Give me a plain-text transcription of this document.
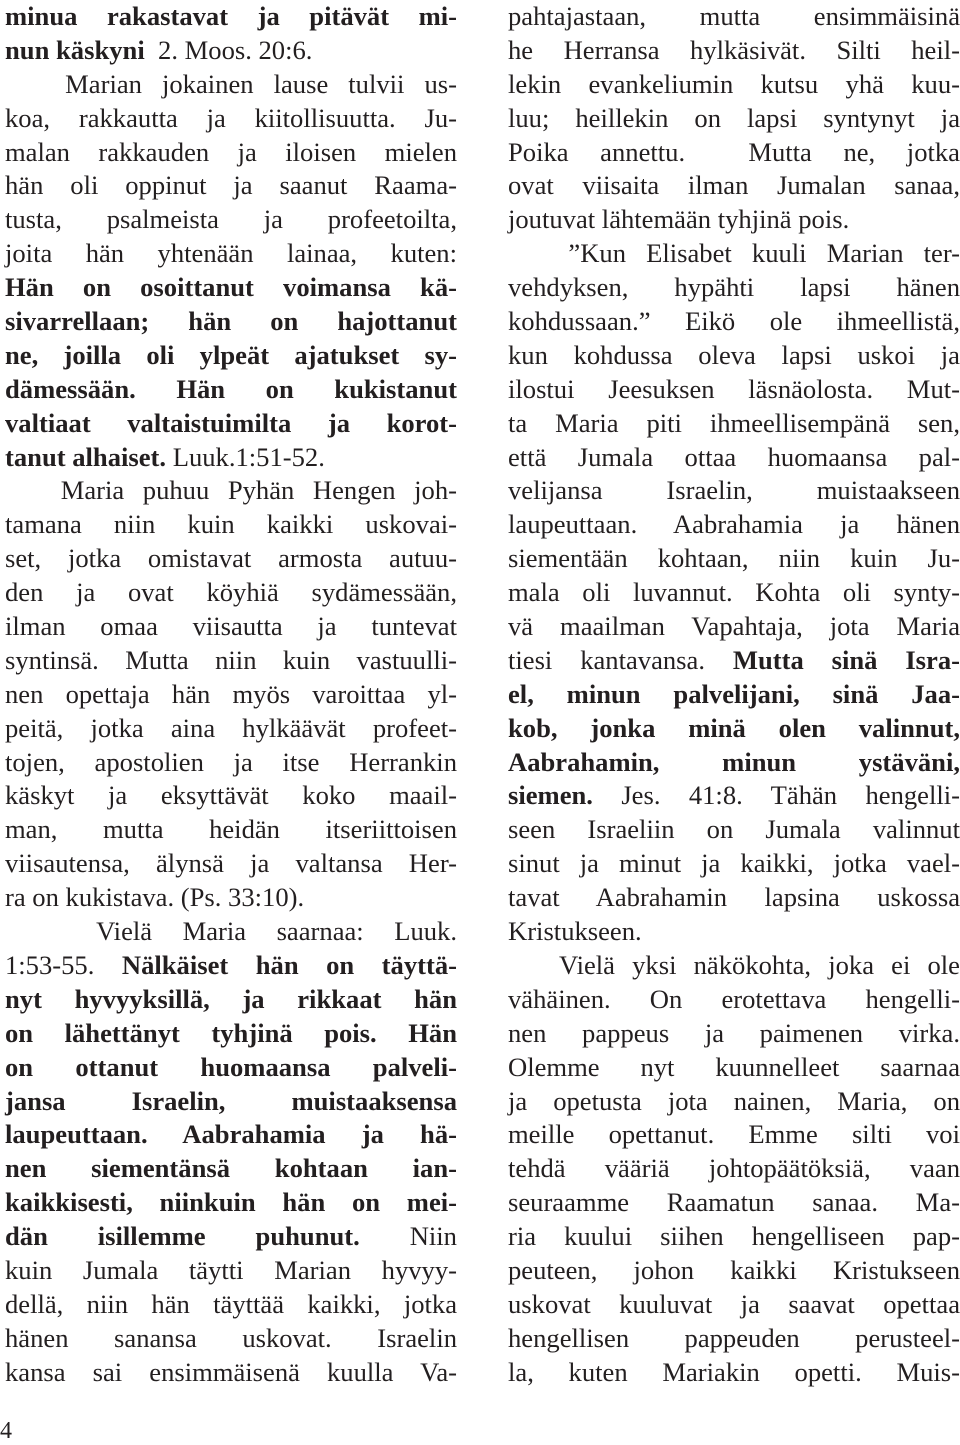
minua rakastavat ja pitävät mi-
nun käskyni  2. Moos. 20:6.
Marian jokainen lause tulvii us-
koa, rakkautta ja kiitollisuutta. Ju-
malan rakkauden ja iloisen mielen
hän oli oppinut ja saanut Raama-
tusta, psalmeista ja profeetoilta,
joita hän yhtenään lainaa, kuten:
Hän on osoittanut voimansa kä-
sivarrellaan; hän on hajottanut
ne, joilla oli ylpeät ajatukset sy-
dämessään. Hän on kukistanut
valtiaat valtaistuimilta ja korot-
tanut alhaiset. Luuk.1:51-52.
Maria puhuu Pyhän Hengen joh-
tamana niin kuin kaikki uskovai-
set, jotka omistavat armosta autuu-
den ja ovat köyhiä sydämessään,
ilman omaa viisautta ja tuntevat
syntinsä. Mutta niin kuin vastuulli-
nen opettaja hän myös varoittaa yl-
peitä, jotka aina hylkäävät profeet-
tojen, apostolien ja itse Herrankin
käskyt ja eksyttävät koko maail-
man, mutta heidän itseriittoisen
viisautensa, älynsä ja valtansa Her-
ra on kukistava. (Ps. 33:10).
Vielä Maria saarnaa: Luuk.
1:53-55. Nälkäiset hän on täyttä-
nyt hyvyyksillä, ja rikkaat hän
on lähettänyt tyhjinä pois. Hän
on ottanut huomaansa palveli-
jansa Israelin, muistaaksensa
laupeuttaan. Aabrahamia ja hä-
nen siementänsä kohtaan ian-
kaikkisesti, niinkuin hän on mei-
dän isillemme puhunut. Niin
kuin Jumala täytti Marian hyvyy-
dellä, niin hän täyttää kaikki, jotka
hänen sanansa uskovat. Israelin
kansa sai ensimmäisenä kuulla Va-
pahtajastaan, mutta ensimmäisinä
he Herransa hylkäsivät. Silti heil-
lekin evankeliumin kutsu yhä kuu-
luu; heillekin on lapsi syntynyt ja
Poika annettu.  Mutta ne, jotka
ovat viisaita ilman Jumalan sanaa,
joutuvat lähtemään tyhjinä pois.
”Kun Elisabet kuuli Marian ter-
vehdyksen, hypähti lapsi hänen
kohdussaan.” Eikö ole ihmeellistä,
kun kohdussa oleva lapsi uskoi ja
ilostui Jeesuksen läsnäolosta. Mut-
ta Maria piti ihmeellisempänä sen,
että Jumala ottaa huomaansa pal-
velijansa Israelin, muistaakseen
laupeuttaan. Aabrahamia ja hänen
siementään kohtaan, niin kuin Ju-
mala oli luvannut. Kohta oli synty-
vä maailman Vapahtaja, jota Maria
tiesi kantavansa. Mutta sinä Isra-
el, minun palvelijani, sinä Jaa-
kob, jonka minä olen valinnut,
Aabrahamin, minun ystäväni,
siemen. Jes. 41:8. Tähän hengelli-
seen Israeliin on Jumala valinnut
sinut ja minut ja kaikki, jotka vael-
tavat Aabrahamin lapsina uskossa
Kristukseen.
Vielä yksi näkökohta, joka ei ole
vähäinen. On erotettava hengelli-
nen pappeus ja paimenen virka.
Olemme nyt kuunnelleet saarnaa
ja opetusta jota nainen, Maria, on
meille opettanut. Emme silti voi
tehdä vääriä johtopäätöksiä, vaan
seuraamme Raamatun sanaa. Ma-
ria kuului siihen hengelliseen pap-
peuteen, johon kaikki Kristukseen
uskovat kuuluvat ja saavat opettaa
hengellisen pappeuden perusteel-
la, kuten Mariakin opetti. Muis-
4
